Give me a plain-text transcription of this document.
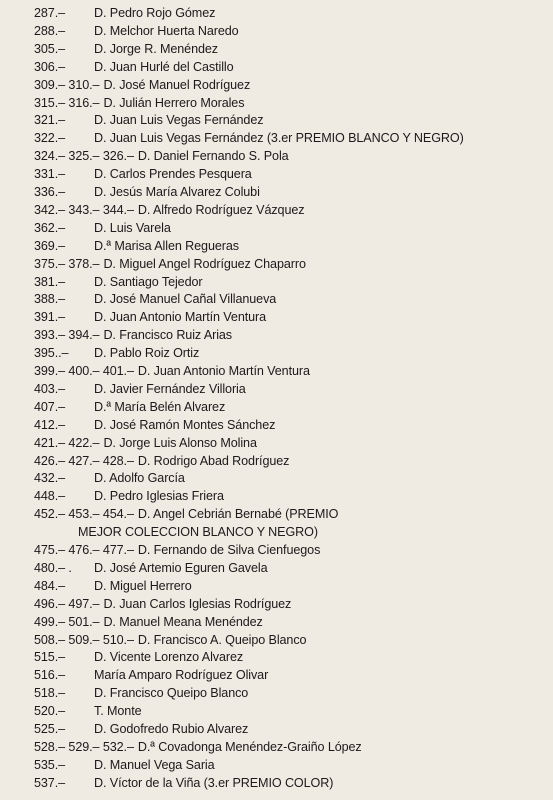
287.– D. Pedro Rojo Gómez
288.– D. Melchor Huerta Naredo
305.– D. Jorge R. Menéndez
306.– D. Juan Hurlé del Castillo
309.– 310.– D. José Manuel Rodríguez
315.– 316.– D. Julián Herrero Morales
321.– D. Juan Luis Vegas Fernández
322.– D. Juan Luis Vegas Fernández (3.er PREMIO BLANCO Y NEGRO)
324.– 325.– 326.– D. Daniel Fernando S. Pola
331.– D. Carlos Prendes Pesquera
336.– D. Jesús María Alvarez Colubi
342.– 343.– 344.– D. Alfredo Rodríguez Vázquez
362.– D. Luis Varela
369.– D.ª Marisa Allen Regueras
375.– 378.– D. Miguel Angel Rodríguez Chaparro
381.– D. Santiago Tejedor
388.– D. José Manuel Cañal Villanueva
391.– D. Juan Antonio Martín Ventura
393.– 394.– D. Francisco Ruiz Arias
395..– D. Pablo Roiz Ortiz
399.– 400.– 401.– D. Juan Antonio Martín Ventura
403.– D. Javier Fernández Villoria
407.– D.ª María Belén Alvarez
412.– D. José Ramón Montes Sánchez
421.– 422.– D. Jorge Luis Alonso Molina
426.– 427.– 428.– D. Rodrigo Abad Rodríguez
432.– D. Adolfo García
448.– D. Pedro Iglesias Friera
452.– 453.– 454.– D. Angel Cebrián Bernabé (PREMIO
MEJOR COLECCION BLANCO Y NEGRO)
475.– 476.– 477.– D. Fernando de Silva Cienfuegos
480.– . D. José Artemio Eguren Gavela
484.– D. Miguel Herrero
496.– 497.– D. Juan Carlos Iglesias Rodríguez
499.– 501.– D. Manuel Meana Menéndez
508.– 509.– 510.– D. Francisco A. Queipo Blanco
515.– D. Vicente Lorenzo Alvarez
516.– María Amparo Rodríguez Olivar
518.– D. Francisco Queipo Blanco
520.– T. Monte
525.– D. Godofredo Rubio Alvarez
528.– 529.– 532.– D.ª Covadonga Menéndez-Graiño López
535.– D. Manuel Vega Saria
537.– D. Víctor de la Viña (3.er PREMIO COLOR)
